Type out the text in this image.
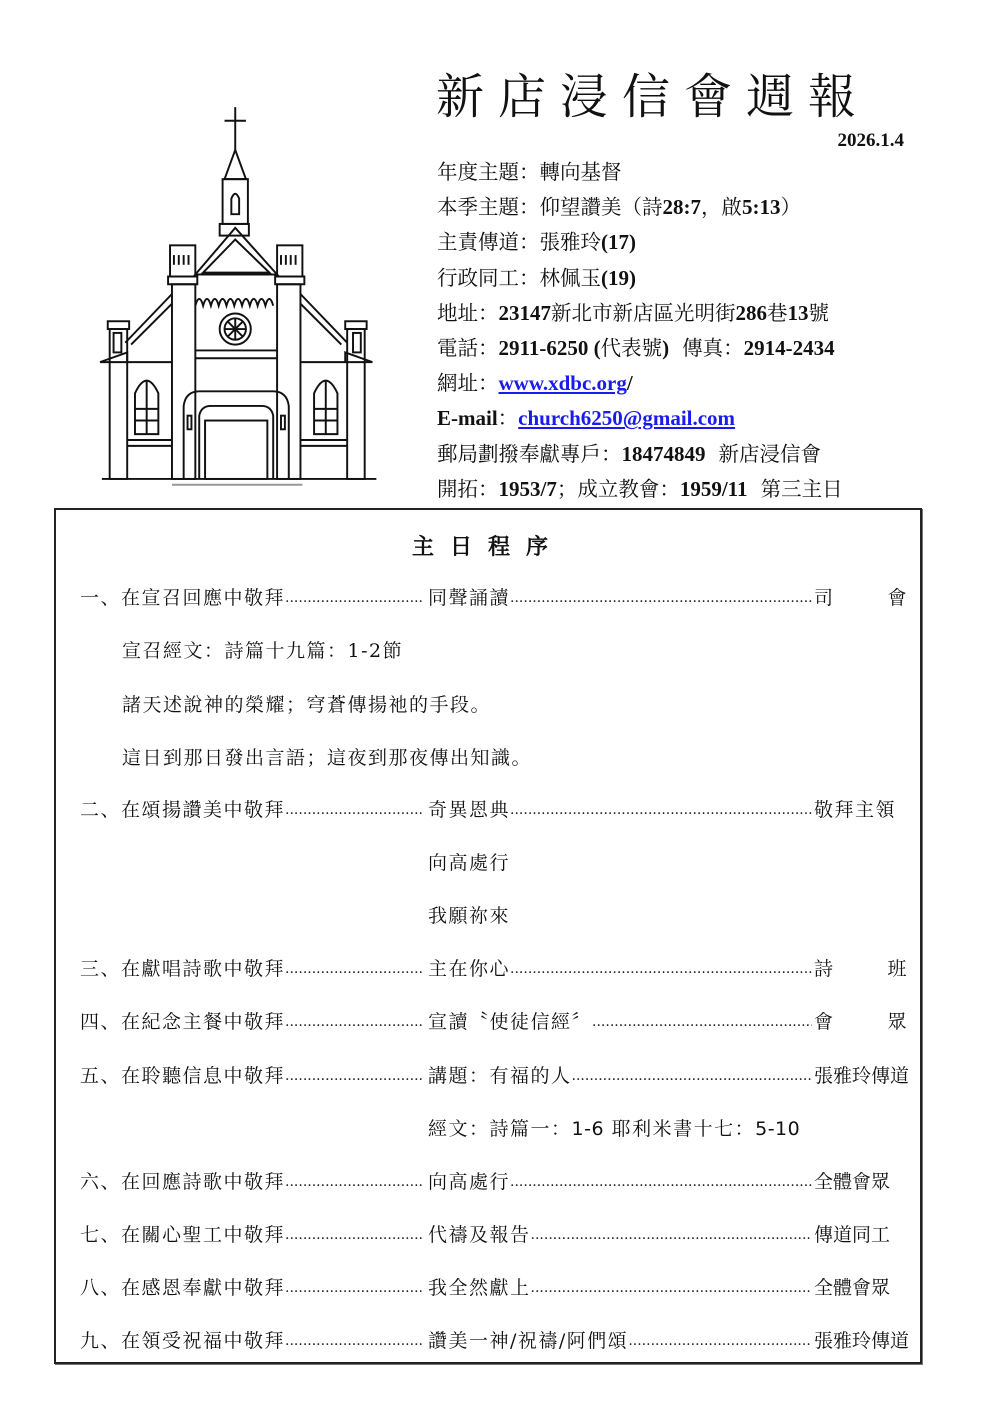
新店浸信會週報
2026.1.4
年度主題：轉向基督
本季主題：仰望讚美（詩28:7，啟5:13）
主責傳道：張雅玲(17)
行政同工：林佩玉(19)
地址：23147新北市新店區光明街286巷13號
電話：2911-6250 (代表號) 傳真：2914-2434
網址：www.xdbc.org/
E-mail：church6250@gmail.com
郵局劃撥奉獻專戶：18474849 新店浸信會
開拓：1953/7；成立教會：1959/11 第三主日
主日程序
一、在宣召回應中敬拜 .....	同聲誦讀 .....	司	會
宣召經文：詩篇十九篇：1-2節
諸天述說神的榮耀；穹蒼傳揚祂的手段。
這日到那日發出言語；這夜到那夜傳出知識。
二、在頌揚讚美中敬拜 .....	奇異恩典 .....	敬拜主領
向高處行
我願祢來
三、在獻唱詩歌中敬拜 .....	主在你心 .....	詩	班
四、在紀念主餐中敬拜 .....	宣讀〝使徒信經〞 .....	會	眾
五、在聆聽信息中敬拜 .....	講題：有福的人 .....	張雅玲傳道
經文：詩篇一：1-6 耶利米書十七：5-10
六、在回應詩歌中敬拜 .....	向高處行 .....	全體會眾
七、在關心聖工中敬拜 .....	代禱及報告 .....	傳道同工
八、在感恩奉獻中敬拜 .....	我全然獻上 .....	全體會眾
九、在領受祝福中敬拜 .....	讚美一神/祝禱/阿們頌 .....	張雅玲傳道
